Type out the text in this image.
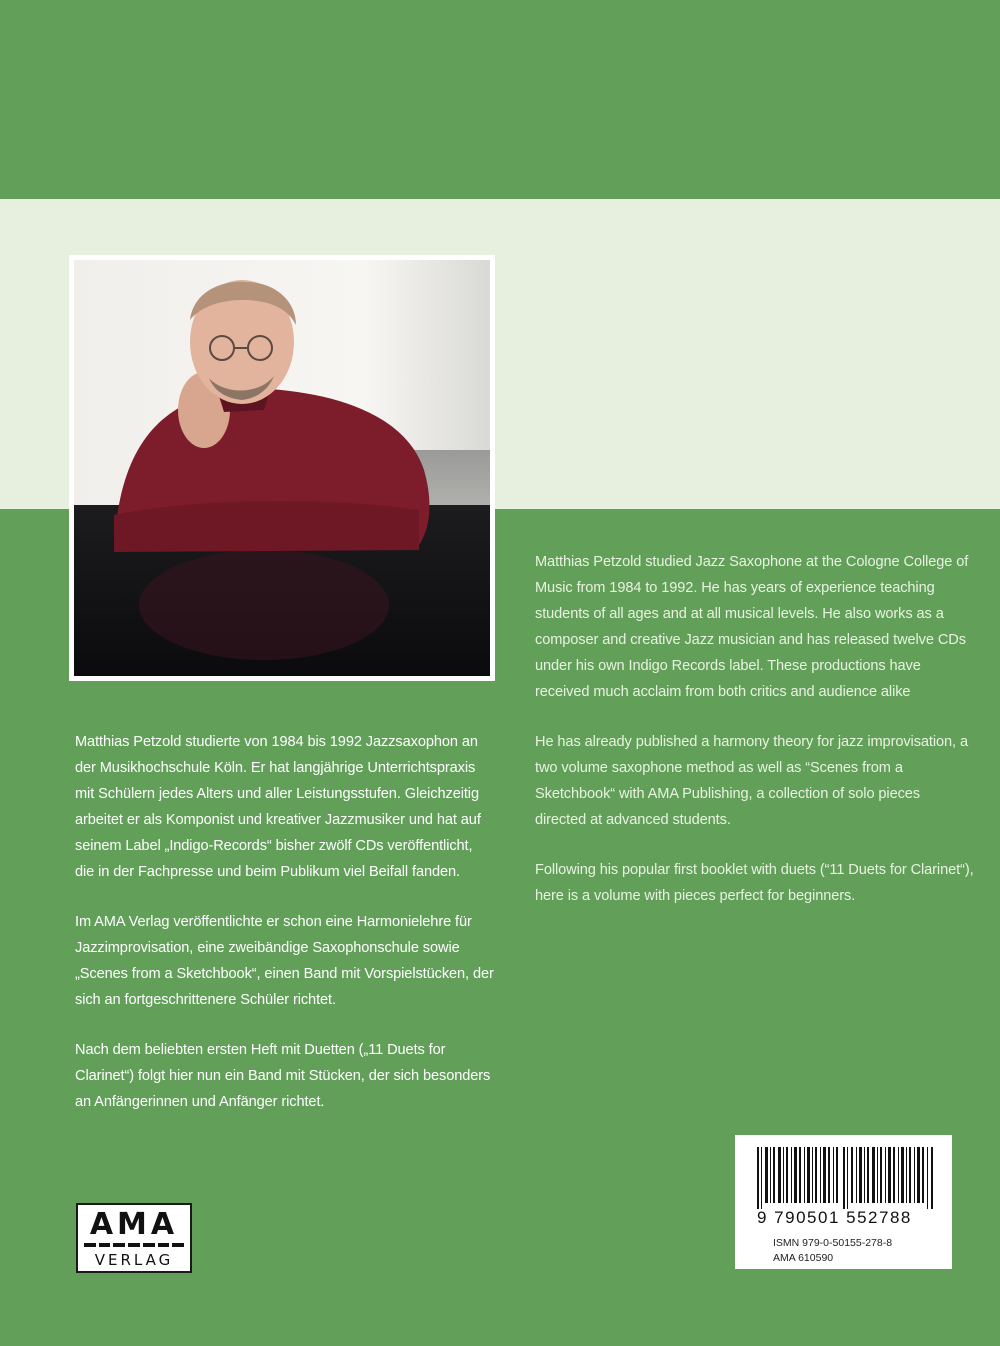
Matthias Petzold studierte von 1984 bis 1992 Jazzsaxophon an der Musikhochschule Köln. Er hat langjährige Unterrichtspraxis mit Schülern jedes Alters und aller Leistungsstufen. Gleichzeitig arbeitet er als Komponist und kreativer Jazzmusiker und hat auf seinem Label „Indigo-Records“ bisher zwölf CDs veröffentlicht, die in der Fachpresse und beim Publikum viel Beifall fanden.

Im AMA Verlag veröffentlichte er schon eine Harmonielehre für Jazzimprovisation, eine zweibändige Saxophonschule sowie „Scenes from a Sketchbook“, einen Band mit Vorspielstücken, der sich an fortgeschrittenere Schüler richtet.

Nach dem beliebten ersten Heft mit Duetten („11 Duets for Clarinet“) folgt hier nun ein Band mit Stücken, der sich besonders an Anfängerinnen und Anfänger richtet.

Matthias Petzold studied Jazz Saxophone at the Cologne College of Music from 1984 to 1992. He has years of experience teaching students of all ages and at all musical levels. He also works as a composer and creative Jazz musician and has released twelve CDs under his own Indigo Records label. These productions have received much acclaim from both critics and audience alike

He has already published a harmony theory for jazz improvisation, a two volume saxophone method as well as “Scenes from a Sketchbook“ with AMA Publishing, a collection of solo pieces directed at advanced students.

Following his popular first booklet with duets (“11 Duets for Clarinet“), here is a volume with pieces perfect for beginners.

AMA
VERLAG
9 790501 552788
ISMN 979-0-50155-278-8
AMA 610590
